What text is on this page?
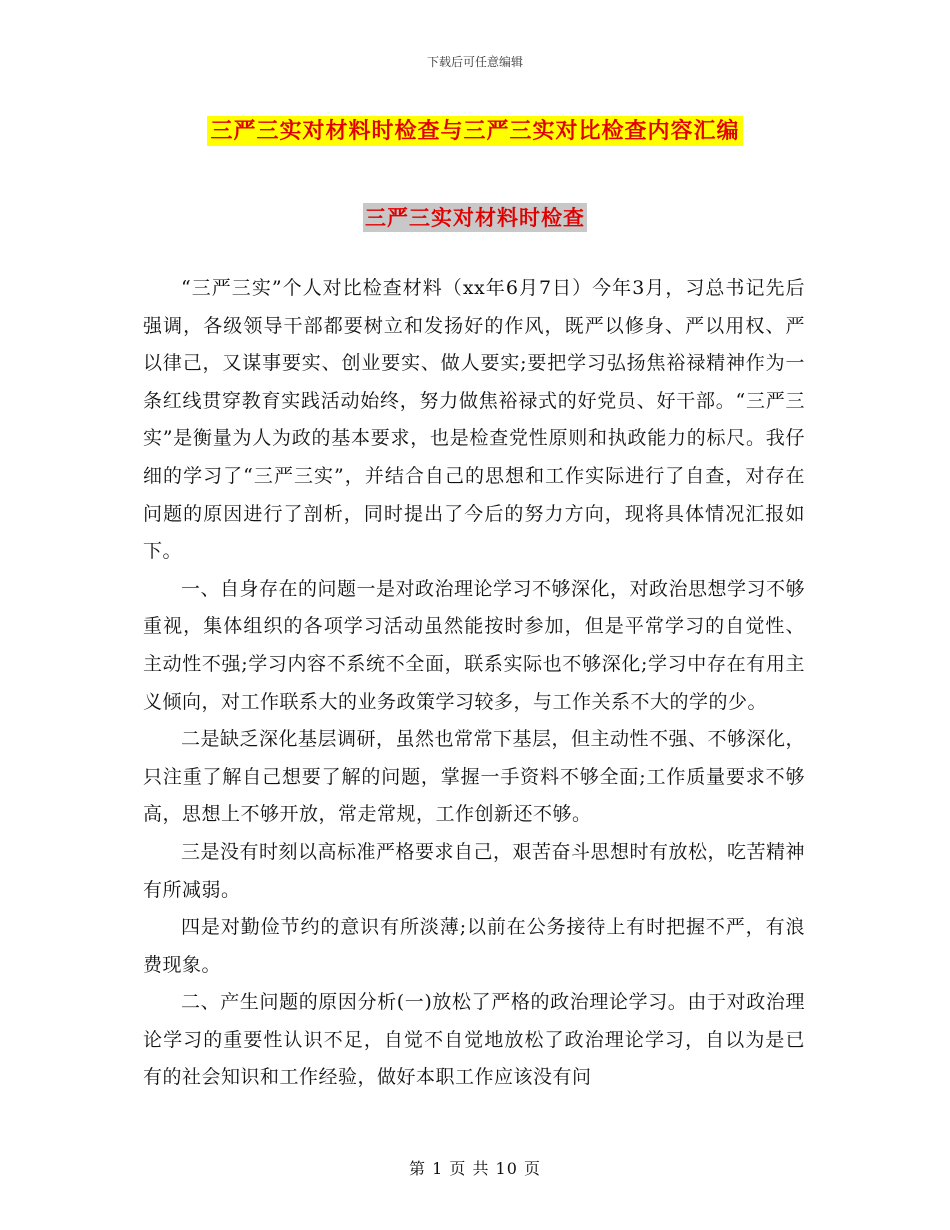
下载后可任意编辑
三严三实对材料时检查与三严三实对比检查内容汇编
三严三实对材料时检查

“三严三实”个人对比检查材料（xx年6月7日）今年3月，习总书记先后强调，各级领导干部都要树立和发扬好的作风，既严以修身、严以用权、严以律己，又谋事要实、创业要实、做人要实;要把学习弘扬焦裕禄精神作为一条红线贯穿教育实践活动始终，努力做焦裕禄式的好党员、好干部。“三严三实”是衡量为人为政的基本要求，也是检查党性原则和执政能力的标尺。我仔细的学习了“三严三实”，并结合自己的思想和工作实际进行了自查，对存在问题的原因进行了剖析，同时提出了今后的努力方向，现将具体情况汇报如下。

一、自身存在的问题一是对政治理论学习不够深化，对政治思想学习不够重视，集体组织的各项学习活动虽然能按时参加，但是平常学习的自觉性、主动性不强;学习内容不系统不全面，联系实际也不够深化;学习中存在有用主义倾向，对工作联系大的业务政策学习较多，与工作关系不大的学的少。

二是缺乏深化基层调研，虽然也常常下基层，但主动性不强、不够深化，只注重了解自己想要了解的问题，掌握一手资料不够全面;工作质量要求不够高，思想上不够开放，常走常规，工作创新还不够。

三是没有时刻以高标准严格要求自己，艰苦奋斗思想时有放松，吃苦精神有所减弱。

四是对勤俭节约的意识有所淡薄;以前在公务接待上有时把握不严，有浪费现象。

二、产生问题的原因分析(一)放松了严格的政治理论学习。由于对政治理论学习的重要性认识不足，自觉不自觉地放松了政治理论学习，自以为是已有的社会知识和工作经验，做好本职工作应该没有问

第 1 页 共 10 页
